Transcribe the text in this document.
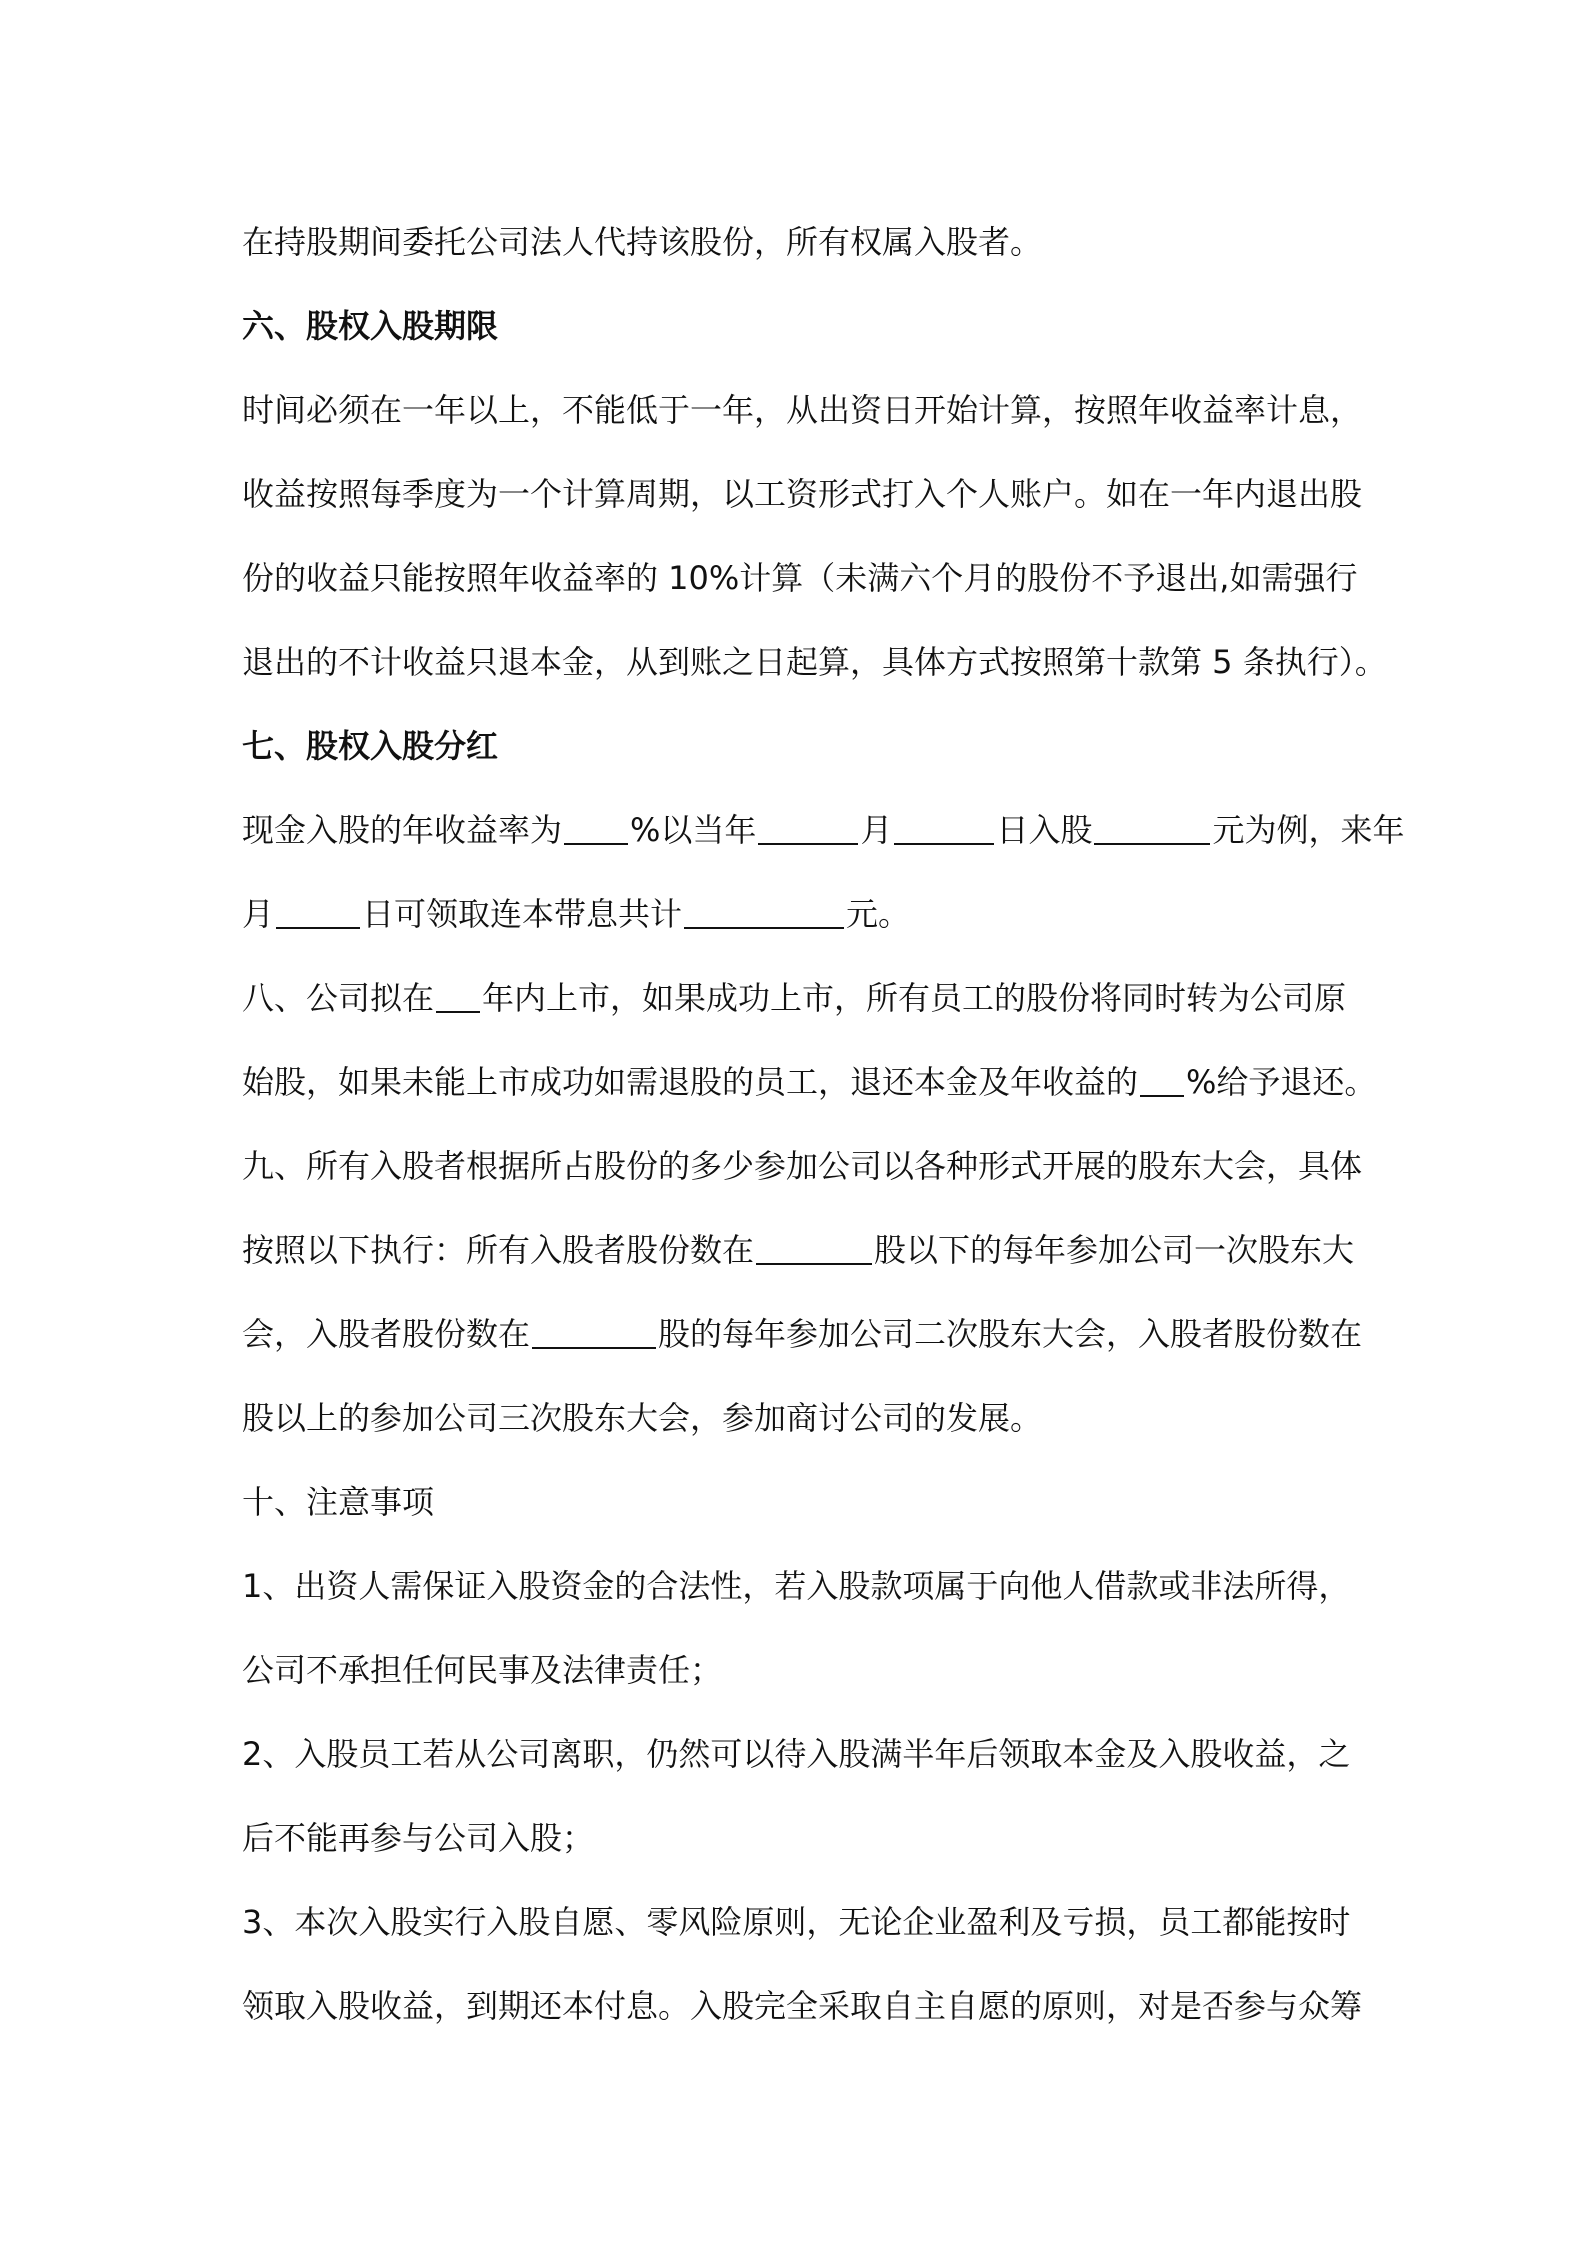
在持股期间委托公司法人代持该股份，所有权属入股者。
六、股权入股期限
时间必须在一年以上，不能低于一年，从出资日开始计算，按照年收益率计息，
收益按照每季度为一个计算周期，以工资形式打入个人账户。如在一年内退出股
份的收益只能按照年收益率的 10%计算（未满六个月的股份不予退出,如需强行
退出的不计收益只退本金，从到账之日起算，具体方式按照第十款第 5 条执行）。
七、股权入股分红
现金入股的年收益率为 %以当年	月	日入股	元为例，来年
月	日可领取连本带息共计	元。
八、公司拟在 年内上市，如果成功上市，所有员工的股份将同时转为公司原
始股，如果未能上市成功如需退股的员工，退还本金及年收益的 %给予退还。
九、所有入股者根据所占股份的多少参加公司以各种形式开展的股东大会，具体
按照以下执行：所有入股者股份数在	股以下的每年参加公司一次股东大
会，入股者股份数在	股的每年参加公司二次股东大会，入股者股份数在
股以上的参加公司三次股东大会，参加商讨公司的发展。
十、注意事项
1、出资人需保证入股资金的合法性，若入股款项属于向他人借款或非法所得，
公司不承担任何民事及法律责任；
2、入股员工若从公司离职，仍然可以待入股满半年后领取本金及入股收益，之
后不能再参与公司入股；
3、本次入股实行入股自愿、零风险原则，无论企业盈利及亏损，员工都能按时
领取入股收益，到期还本付息。入股完全采取自主自愿的原则，对是否参与众筹
